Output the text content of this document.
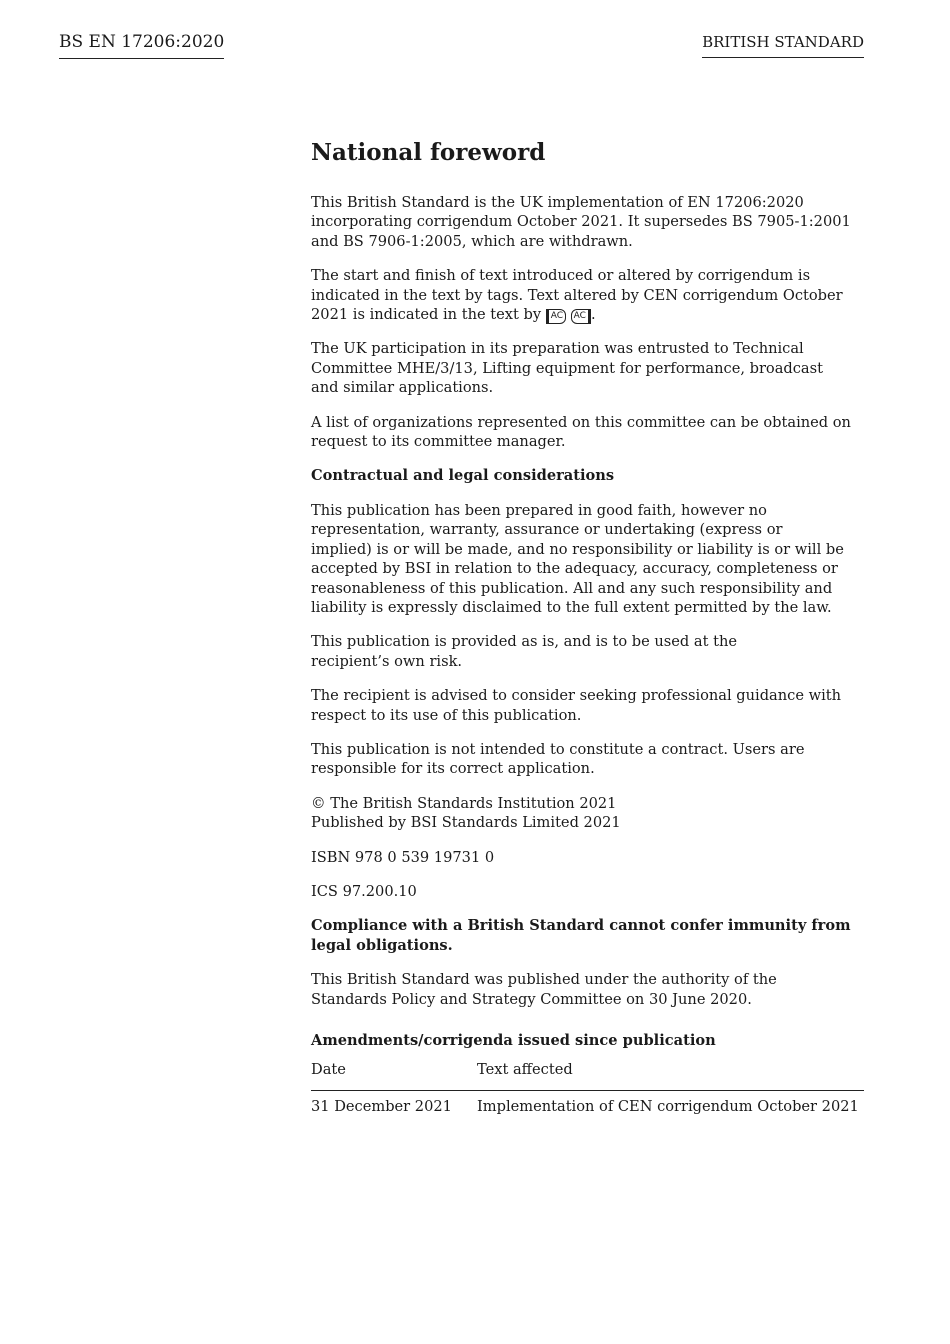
BS EN 17206:2020	BRITISH STANDARD
National foreword

This British Standard is the UK implementation of EN 17206:2020
incorporating corrigendum October 2021. It supersedes BS 7905-1:2001
and BS 7906-1:2005, which are withdrawn.

The start and finish of text introduced or altered by corrigendum is
indicated in the text by tags. Text altered by CEN corrigendum October
2021 is indicated in the text by AC AC .

The UK participation in its preparation was entrusted to Technical
Committee MHE/3/13, Lifting equipment for performance, broadcast
and similar applications.

A list of organizations represented on this committee can be obtained on
request to its committee manager.

Contractual and legal considerations

This publication has been prepared in good faith, however no
representation, warranty, assurance or undertaking (express or
implied) is or will be made, and no responsibility or liability is or will be
accepted by BSI in relation to the adequacy, accuracy, completeness or
reasonableness of this publication. All and any such responsibility and
liability is expressly disclaimed to the full extent permitted by the law.

This publication is provided as is, and is to be used at the
recipient’s own risk.

The recipient is advised to consider seeking professional guidance with
respect to its use of this publication.

This publication is not intended to constitute a contract. Users are
responsible for its correct application.

© The British Standards Institution 2021
Published by BSI Standards Limited 2021

ISBN 978 0 539 19731 0

ICS 97.200.10

Compliance with a British Standard cannot confer immunity from
legal obligations.

This British Standard was published under the authority of the
Standards Policy and Strategy Committee on 30 June 2020.

Amendments/corrigenda issued since publication
Date	Text affected
31 December 2021	Implementation of CEN corrigendum October 2021
